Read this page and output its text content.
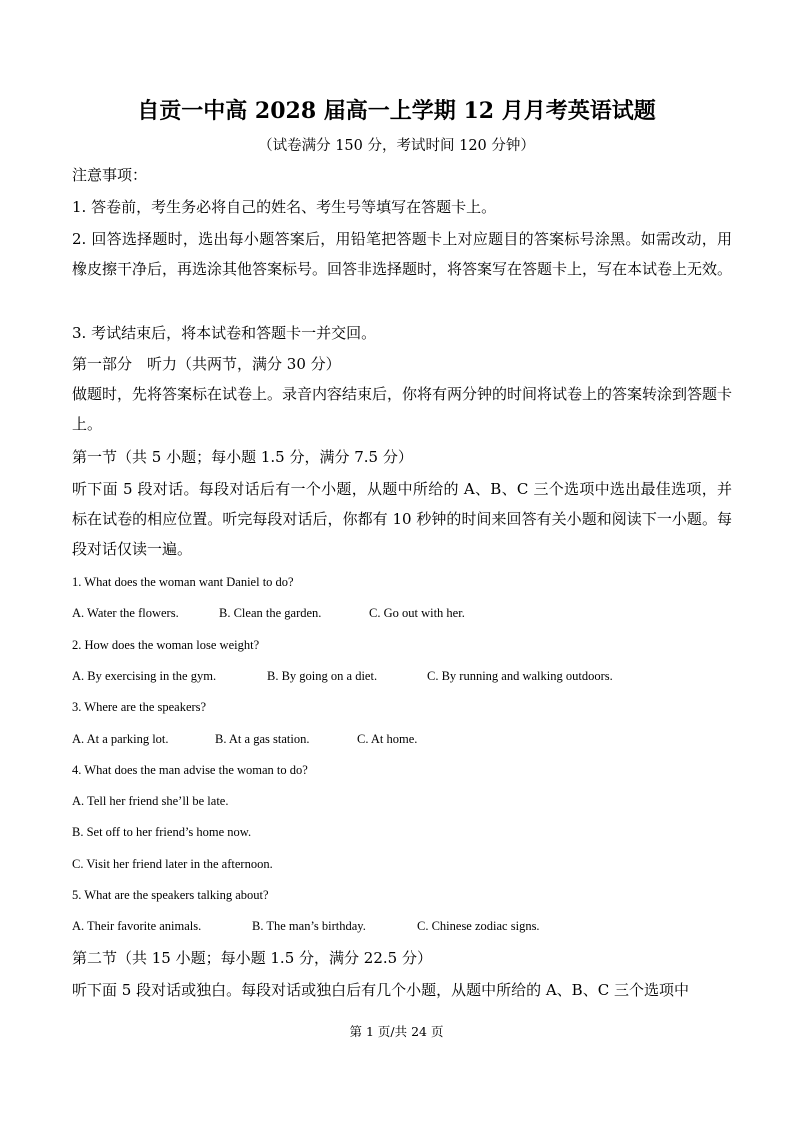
自贡一中高 2028 届高一上学期 12 月月考英语试题
（试卷满分 150 分，考试时间 120 分钟）
注意事项：
1. 答卷前，考生务必将自己的姓名、考生号等填写在答题卡上。
2. 回答选择题时，选出每小题答案后，用铅笔把答题卡上对应题目的答案标号涂黑。如需改动，用橡皮擦干净后，再选涂其他答案标号。回答非选择题时，将答案写在答题卡上，写在本试卷上无效。
3. 考试结束后，将本试卷和答题卡一并交回。
第一部分　听力（共两节，满分 30 分）
做题时，先将答案标在试卷上。录音内容结束后，你将有两分钟的时间将试卷上的答案转涂到答题卡上。
第一节（共 5 小题；每小题 1.5 分，满分 7.5 分）
听下面 5 段对话。每段对话后有一个小题，从题中所给的 A、B、C 三个选项中选出最佳选项，并标在试卷的相应位置。听完每段对话后，你都有 10 秒钟的时间来回答有关小题和阅读下一小题。每段对话仅读一遍。
1. What does the woman want Daniel to do?
A. Water the flowers.	B. Clean the garden.	C. Go out with her.
2. How does the woman lose weight?
A. By exercising in the gym.	B. By going on a diet.	C. By running and walking outdoors.
3. Where are the speakers?
A. At a parking lot.	B. At a gas station.	C. At home.
4. What does the man advise the woman to do?
A. Tell her friend she’ll be late.
B. Set off to her friend’s home now.
C. Visit her friend later in the afternoon.
5. What are the speakers talking about?
A. Their favorite animals.	B. The man’s birthday.	C. Chinese zodiac signs.
第二节（共 15 小题；每小题 1.5 分，满分 22.5 分）
听下面 5 段对话或独白。每段对话或独白后有几个小题，从题中所给的 A、B、C 三个选项中
第 1 页/共 24 页
